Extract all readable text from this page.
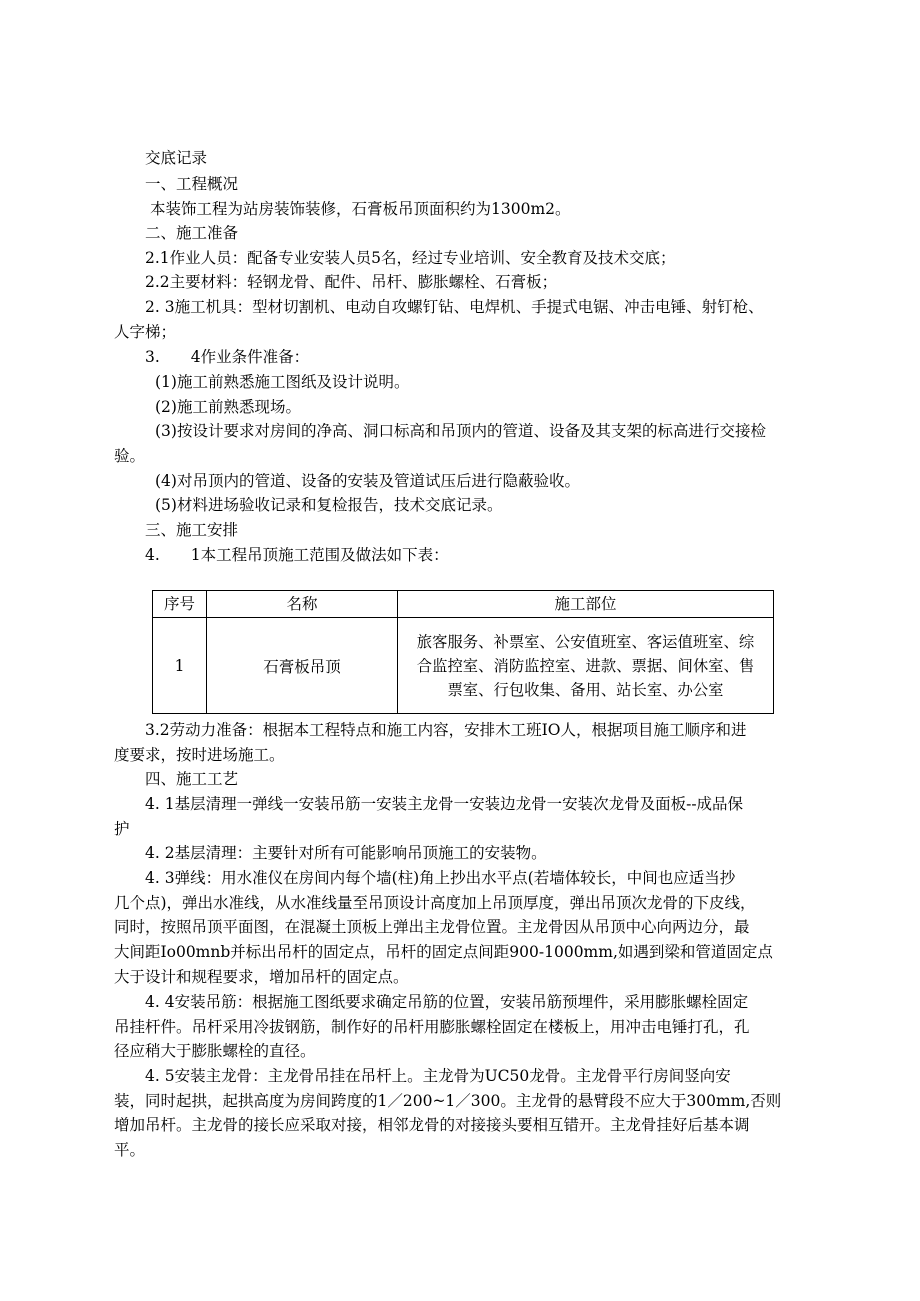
交底记录
一、工程概况
本装饰工程为站房装饰装修，石膏板吊顶面积约为1300m2。
二、施工准备
2.1作业人员：配备专业安装人员5名，经过专业培训、安全教育及技术交底；
2.2主要材料：轻钢龙骨、配件、吊杆、膨胀螺栓、石膏板；
2. 3施工机具：型材切割机、电动自攻螺钉钻、电焊机、手提式电锯、冲击电锤、射钉枪、
人字梯；
3.　　4作业条件准备：
(1)施工前熟悉施工图纸及设计说明。
(2)施工前熟悉现场。
(3)按设计要求对房间的净高、洞口标高和吊顶内的管道、设备及其支架的标高进行交接检
验。
(4)对吊顶内的管道、设备的安装及管道试压后进行隐蔽验收。
(5)材料进场验收记录和复检报告，技术交底记录。
三、施工安排
4.　　1本工程吊顶施工范围及做法如下表：
序号	名称	施工部位
1	石膏板吊顶	旅客服务、补票室、公安值班室、客运值班室、综
合监控室、消防监控室、进款、票据、间休室、售
票室、行包收集、备用、站长室、办公室
3.2劳动力准备：根据本工程特点和施工内容，安排木工班IO人，根据项目施工顺序和进
度要求，按时进场施工。
四、施工工艺
4. 1基层清理一弹线一安装吊筋一安装主龙骨一安装边龙骨一安装次龙骨及面板--成品保
护
4. 2基层清理：主要针对所有可能影响吊顶施工的安装物。
4. 3弹线：用水准仪在房间内每个墙(柱)角上抄出水平点(若墙体较长，中间也应适当抄
几个点)，弹出水准线，从水准线量至吊顶设计高度加上吊顶厚度，弹出吊顶次龙骨的下皮线，
同时，按照吊顶平面图，在混凝土顶板上弹出主龙骨位置。主龙骨因从吊顶中心向两边分，最
大间距Io00mnb并标出吊杆的固定点，吊杆的固定点间距900-1000mm,如遇到梁和管道固定点
大于设计和规程要求，增加吊杆的固定点。
4. 4安装吊筋：根据施工图纸要求确定吊筋的位置，安装吊筋预埋件，采用膨胀螺栓固定
吊挂杆件。吊杆采用冷拔钢筋，制作好的吊杆用膨胀螺栓固定在楼板上，用冲击电锤打孔，孔
径应稍大于膨胀螺栓的直径。
4. 5安装主龙骨：主龙骨吊挂在吊杆上。主龙骨为UC50龙骨。主龙骨平行房间竖向安
装，同时起拱，起拱高度为房间跨度的1／200~1／300。主龙骨的悬臂段不应大于300mm,否则
增加吊杆。主龙骨的接长应采取对接，相邻龙骨的对接接头要相互错开。主龙骨挂好后基本调
平。
